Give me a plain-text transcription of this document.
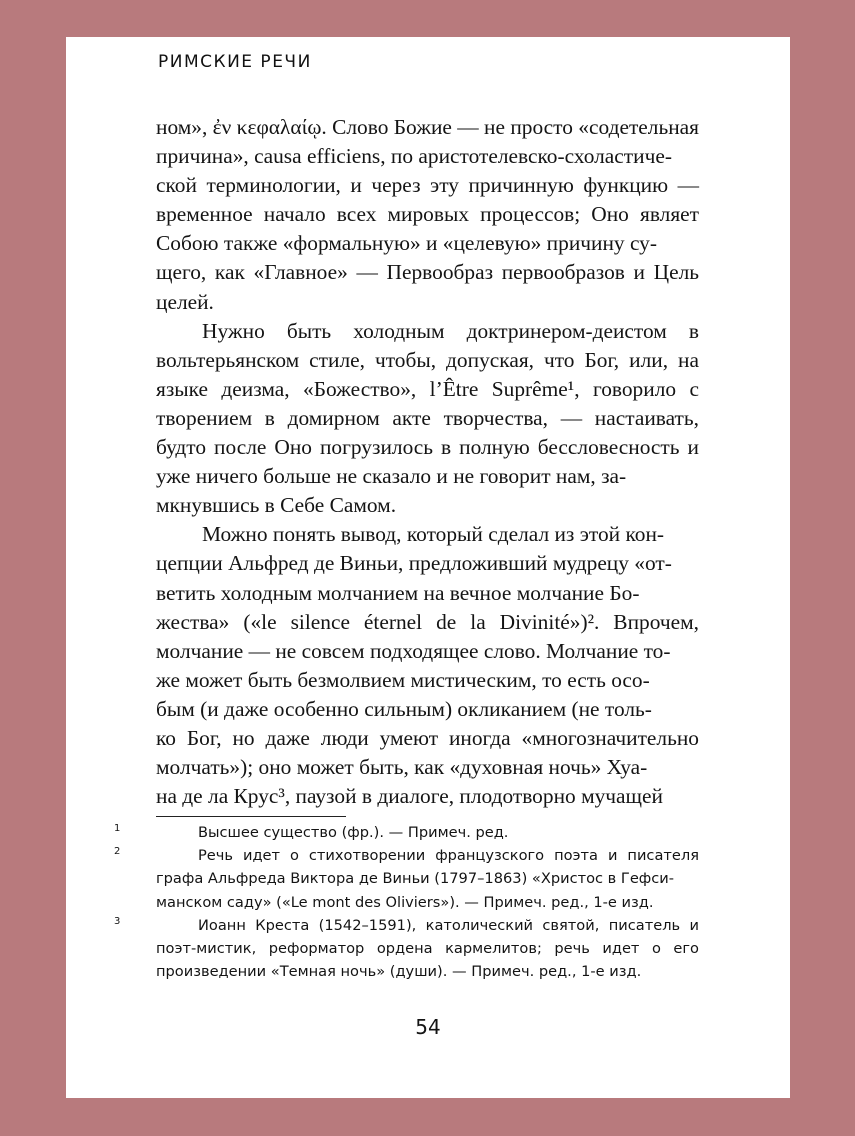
РИМСКИЕ РЕЧИ

ном», ἐν κεφαλαίῳ. Слово Божие — не просто «содетельная причина», causa efficiens, по аристотелевско-схоластиче-
ской терминологии, и через эту причинную функцию — временное начало всех мировых процессов; Оно являет Собою также «формальную» и «целевую» причину су-
щего, как «Главное» — Первообраз первообразов и Цель целей.

Нужно быть холодным доктринером-деистом в вольтерьянском стиле, чтобы, допуская, что Бог, или, на языке деизма, «Божество», l’Être Suprême¹, говорило с творением в домирном акте творчества, — настаивать, будто после Оно погрузилось в полную бессловесность и уже ничего больше не сказало и не говорит нам, за-
мкнувшись в Себе Самом.

Можно понять вывод, который сделал из этой кон-
цепции Альфред де Виньи, предложивший мудрецу «от-
ветить холодным молчанием на вечное молчание Бо-
жества» («le silence éternel de la Divinité»)². Впрочем, молчание — не совсем подходящее слово. Молчание то-
же может быть безмолвием мистическим, то есть осо-
бым (и даже особенно сильным) окликанием (не толь-
ко Бог, но даже люди умеют иногда «многозначительно молчать»); оно может быть, как «духовная ночь» Хуа-
на де ла Крус³, паузой в диалоге, плодотворно мучащей

1	Высшее существо (фр.). — Примеч. ред.

2	Речь идет о стихотворении французского поэта и писателя графа Альфреда Виктора де Виньи (1797–1863) «Христос в Гефси-
манском саду» («Le mont des Oliviers»). — Примеч. ред., 1-е изд.

3	Иоанн Креста (1542–1591), католический святой, писатель и поэт-мистик, реформатор ордена кармелитов; речь идет о его произведении «Темная ночь» (души). — Примеч. ред., 1-е изд.

54
